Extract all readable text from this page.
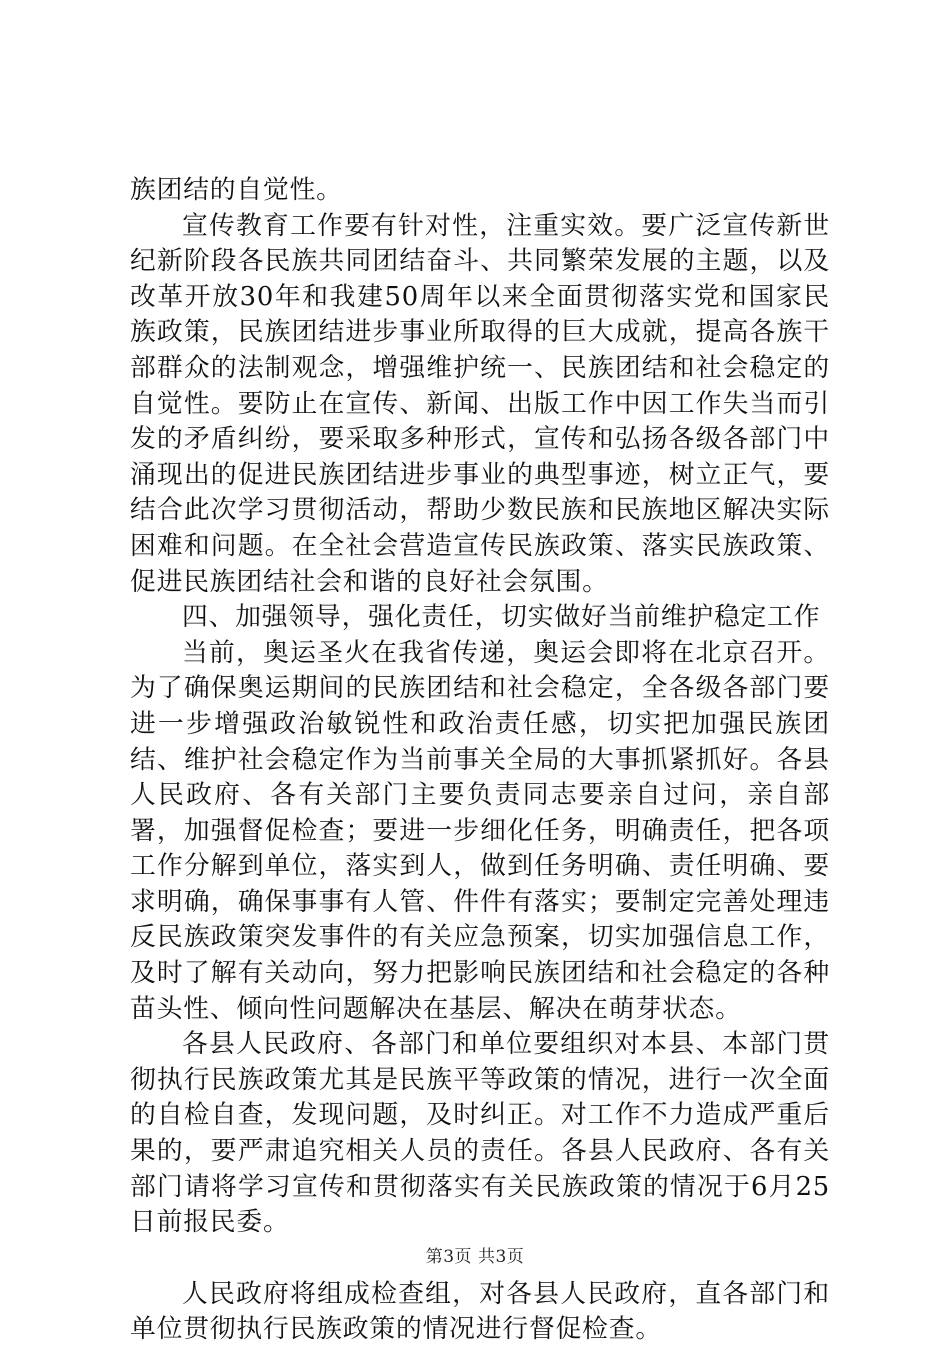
族团结的自觉性。

宣传教育工作要有针对性，注重实效。要广泛宣传新世纪新阶段各民族共同团结奋斗、共同繁荣发展的主题，以及改革开放30年和我建50周年以来全面贯彻落实党和国家民族政策，民族团结进步事业所取得的巨大成就，提高各族干部群众的法制观念，增强维护统一、民族团结和社会稳定的自觉性。要防止在宣传、新闻、出版工作中因工作失当而引发的矛盾纠纷，要采取多种形式，宣传和弘扬各级各部门中涌现出的促进民族团结进步事业的典型事迹，树立正气，要结合此次学习贯彻活动，帮助少数民族和民族地区解决实际困难和问题。在全社会营造宣传民族政策、落实民族政策、促进民族团结社会和谐的良好社会氛围。

四、加强领导，强化责任，切实做好当前维护稳定工作

当前，奥运圣火在我省传递，奥运会即将在北京召开。为了确保奥运期间的民族团结和社会稳定，全各级各部门要进一步增强政治敏锐性和政治责任感，切实把加强民族团结、维护社会稳定作为当前事关全局的大事抓紧抓好。各县人民政府、各有关部门主要负责同志要亲自过问，亲自部署，加强督促检查；要进一步细化任务，明确责任，把各项工作分解到单位，落实到人，做到任务明确、责任明确、要求明确，确保事事有人管、件件有落实；要制定完善处理违反民族政策突发事件的有关应急预案，切实加强信息工作，及时了解有关动向，努力把影响民族团结和社会稳定的各种苗头性、倾向性问题解决在基层、解决在萌芽状态。

各县人民政府、各部门和单位要组织对本县、本部门贯彻执行民族政策尤其是民族平等政策的情况，进行一次全面的自检自查，发现问题，及时纠正。对工作不力造成严重后果的，要严肃追究相关人员的责任。各县人民政府、各有关部门请将学习宣传和贯彻落实有关民族政策的情况于6月25日前报民委。

人民政府将组成检查组，对各县人民政府，直各部门和单位贯彻执行民族政策的情况进行督促检查。

第3页 共3页
